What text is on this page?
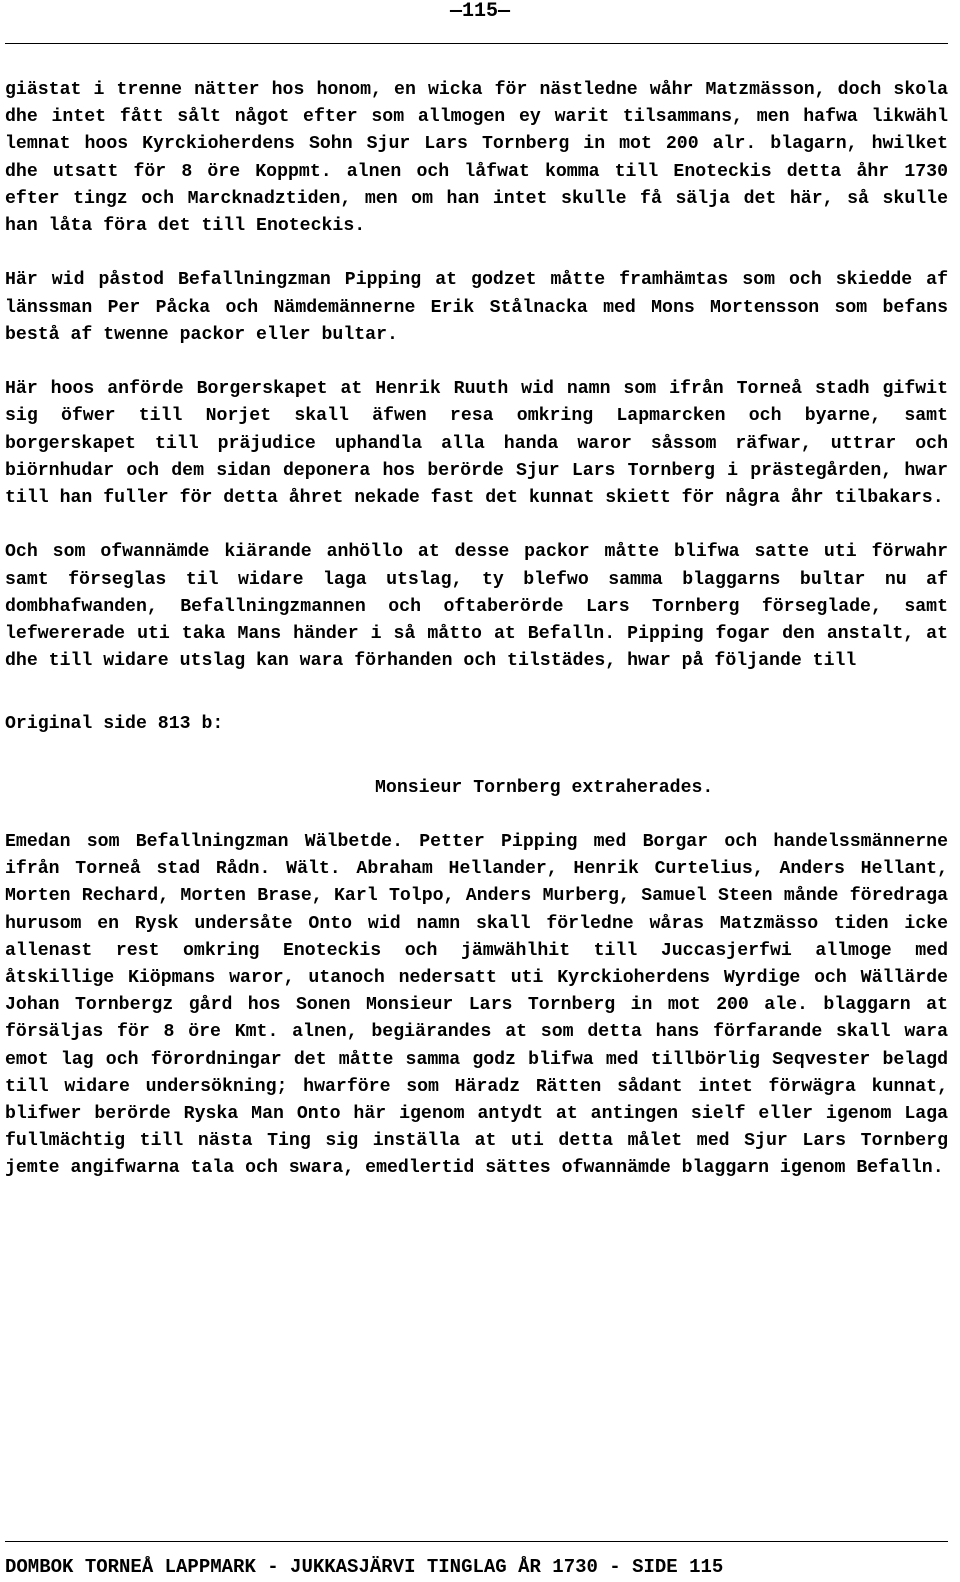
—115—

giästat i trenne nätter hos honom, en wicka för nästledne wåhr Matzmässon, doch skola dhe intet fått sålt något efter som allmogen ey warit tilsammans, men hafwa likwähl lemnat hoos Kyrckioherdens Sohn Sjur Lars Tornberg in mot 200 alr. blagarn, hwilket dhe utsatt för 8 öre Koppmt. alnen och låfwat komma till Enoteckis detta åhr 1730 efter tingz och Marcknadztiden, men om han intet skulle få sälja det här, så skulle han låta föra det till Enoteckis.

Här wid påstod Befallningzman Pipping at godzet måtte framhämtas som och skiedde af länssman Per Påcka och Nämdemännerne Erik Stålnacka med Mons Mortensson som befans bestå af twenne packor eller bultar.

Här hoos anförde Borgerskapet at Henrik Ruuth wid namn som ifrån Torneå stadh gifwit sig öfwer till Norjet skall äfwen resa omkring Lapmarcken och byarne, samt borgerskapet till präjudice uphandla alla handa waror såssom räfwar, uttrar och biörnhudar och dem sidan deponera hos berörde Sjur Lars Tornberg i prästegården, hwar till han fuller för detta åhret nekade fast det kunnat skiett för några åhr tilbakars.

Och som ofwannämde kiärande anhöllo at desse packor måtte blifwa satte uti förwahr samt förseglas til widare laga utslag, ty blefwo samma blaggarns bultar nu af dombhafwanden, Befallningzmannen och oftaberörde Lars Tornberg förseglade, samt lefwererade uti taka Mans händer i så måtto at Befalln. Pipping fogar den anstalt, at dhe till widare utslag kan wara förhanden och tilstädes, hwar på följande till

Original side 813 b:

Monsieur Tornberg extraherades.

Emedan som Befallningzman Wälbetde. Petter Pipping med Borgar och handelssmännerne ifrån Torneå stad Rådn. Wält. Abraham Hellander, Henrik Curtelius, Anders Hellant, Morten Rechard, Morten Brase, Karl Tolpo, Anders Murberg, Samuel Steen månde föredraga hurusom en Rysk undersåte Onto wid namn skall förledne wåras Matzmässo tiden icke allenast rest omkring Enoteckis och jämwählhit till Juccasjerfwi allmoge med åtskillige Kiöpmans waror, utanoch nedersatt uti Kyrckioherdens Wyrdige och Wällärde Johan Tornbergz gård hos Sonen Monsieur Lars Tornberg in mot 200 ale. blaggarn at försäljas för 8 öre Kmt. alnen, begiärandes at som detta hans förfarande skall wara emot lag och förordningar det måtte samma godz blifwa med tillbörlig Seqvester belagd till widare undersökning; hwarföre som Häradz Rätten sådant intet förwägra kunnat, blifwer berörde Ryska Man Onto här igenom antydt at antingen sielf eller igenom Laga fullmächtig till nästa Ting sig inställa at uti detta målet med Sjur Lars Tornberg jemte angifwarna tala och swara, emedlertid sättes ofwannämde blaggarn igenom Befalln.

DOMBOK TORNEÅ LAPPMARK - JUKKASJÄRVI TINGLAG ÅR 1730 - SIDE 115
